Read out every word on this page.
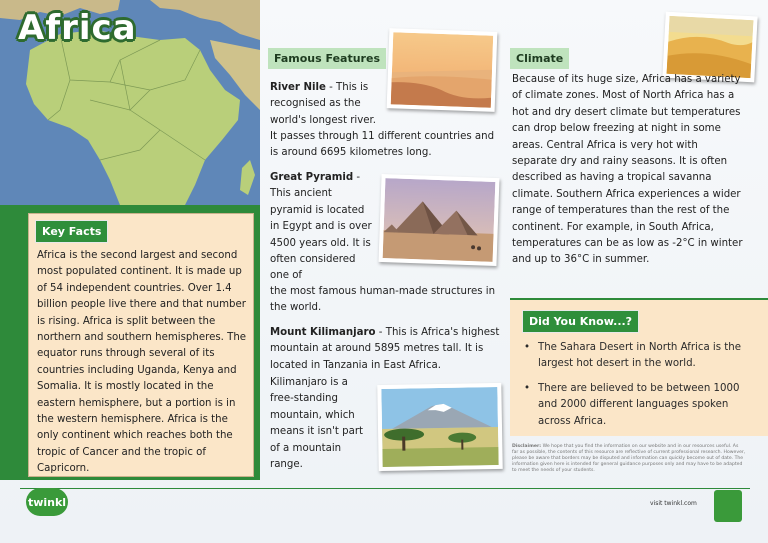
Africa
Key Facts
Africa is the second largest and second most populated continent. It is made up of 54 independent countries. Over 1.4 billion people live there and that number is rising. Africa is split between the northern and southern hemispheres. The equator runs through several of its countries including Uganda, Kenya and Somalia. It is mostly located in the eastern hemisphere, but a portion is in the western hemisphere. Africa is the only continent which reaches both the tropic of Cancer and the tropic of Capricorn.
Famous Features
River Nile - This is recognised as the world's longest river.
Great Pyramid - This ancient pyramid is located in Egypt and is over 4500 years old. It is often considered one of
Climate
Because of its huge size, Africa has a variety of climate zones. Most of North Africa has a hot and dry desert climate but temperatures can drop below freezing at night in some areas. Central Africa is very hot with separate dry and rainy seasons. It is often described as having a tropical savanna climate. Southern Africa experiences a wider range of temperatures than the rest of the continent. For example, in South Africa, temperatures can be as low as -2°C in winter and up to 36°C in summer.
Did You Know...?
• The Sahara Desert in North Africa is the largest hot desert in the world.
• There are believed to be between 1000 and 2000 different languages spoken across Africa.
Disclaimer: We hope that you find the information on our website and in our resources useful. As far as possible, the contents of this resource are reflective of current professional research. However, please be aware that borders may be disputed and information can quickly become out of date. The information given here is intended for general guidance purposes only and may have to be adapted to meet the needs of your students.
twinkl	visit twinkl.com
It passes through 11 different countries and is around 6695 kilometres long.
the most famous human-made structures in the world.
Mount Kilimanjaro - This is Africa's highest mountain at around 5895 metres tall. It is located in Tanzania in East Africa.
Kilimanjaro is a free-standing mountain, which means it isn't part of a mountain range.
